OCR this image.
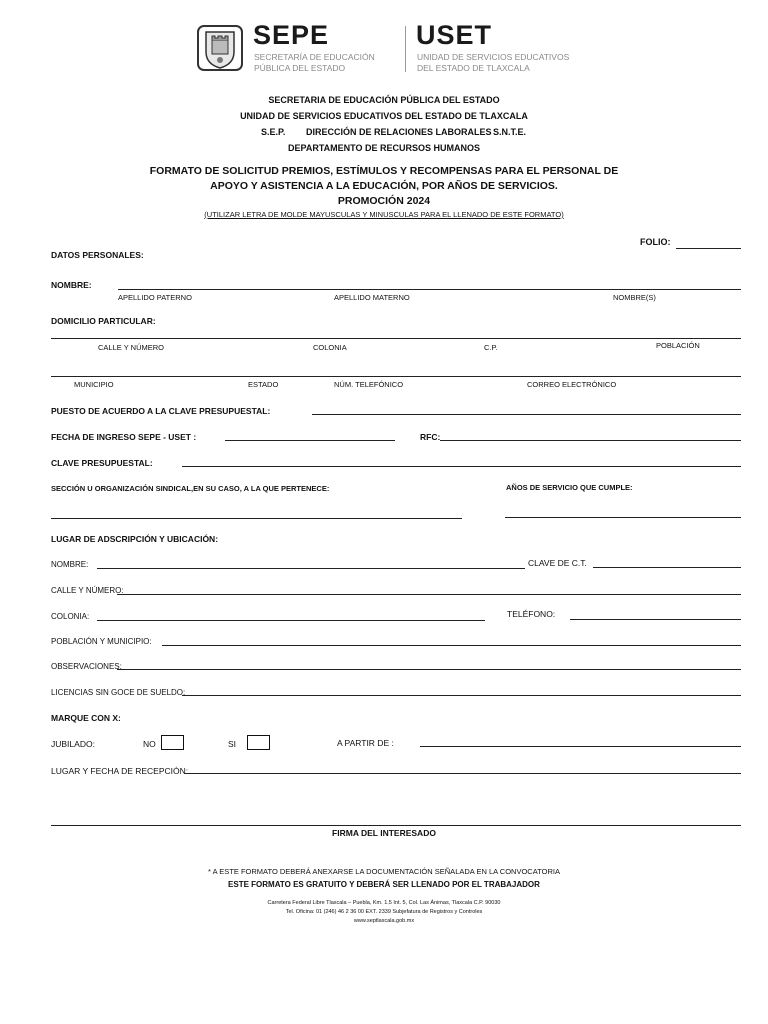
SEPE
SECRETARÍA DE EDUCACIÓN
PÚBLICA DEL ESTADO
USET
UNIDAD DE SERVICIOS EDUCATIVOS
DEL ESTADO DE TLAXCALA
SECRETARIA DE EDUCACIÓN PÚBLICA DEL ESTADO
UNIDAD DE SERVICIOS EDUCATIVOS DEL ESTADO DE TLAXCALA
S.E.P. DIRECCIÓN DE RELACIONES LABORALES S.N.T.E.
DEPARTAMENTO DE RECURSOS HUMANOS
FORMATO DE SOLICITUD PREMIOS, ESTÍMULOS Y RECOMPENSAS PARA EL PERSONAL DE
APOYO Y ASISTENCIA A LA EDUCACIÓN, POR AÑOS DE SERVICIOS.
PROMOCIÓN 2024
(UTILIZAR LETRA DE MOLDE MAYUSCULAS Y MINUSCULAS PARA EL LLENADO DE ESTE FORMATO)
FOLIO:
DATOS PERSONALES:
NOMBRE:
APELLIDO PATERNO	APELLIDO MATERNO	NOMBRE(S)
DOMICILIO PARTICULAR:
CALLE Y NÚMERO	COLONIA	C.P.	POBLACIÓN
MUNICIPIO	ESTADO	NÚM. TELEFÓNICO	CORREO ELECTRÓNICO
PUESTO DE ACUERDO A LA CLAVE PRESUPUESTAL:
FECHA DE INGRESO SEPE - USET :	RFC:
CLAVE PRESUPUESTAL:
SECCIÓN U ORGANIZACIÓN SINDICAL,EN SU CASO, A LA QUE PERTENECE:	AÑOS DE SERVICIO QUE CUMPLE:
LUGAR DE ADSCRIPCIÓN Y UBICACIÓN:
NOMBRE:	CLAVE DE C.T.
CALLE Y NÚMERO:
COLONIA:	TELÉFONO:
POBLACIÓN Y MUNICIPIO:
OBSERVACIONES:
LICENCIAS SIN GOCE DE SUELDO:
MARQUE CON X:
JUBILADO:	NO	SI	A PARTIR DE :
LUGAR Y FECHA DE RECEPCIÓN:
FIRMA DEL INTERESADO
* A ESTE FORMATO DEBERÁ ANEXARSE LA DOCUMENTACIÓN SEÑALADA EN LA CONVOCATORIA
ESTE FORMATO ES GRATUITO Y DEBERÁ SER LLENADO POR EL TRABAJADOR
Carretera Federal Libre Tlaxcala – Puebla, Km. 1.5 Int. 5, Col. Las Ánimas, Tlaxcala C.P. 90030
Tel. Oficina: 01 (246) 46 2 36 00 EXT. 2339 Subjefatura de Registros y Controles
www.septlaxcala.gob.mx
